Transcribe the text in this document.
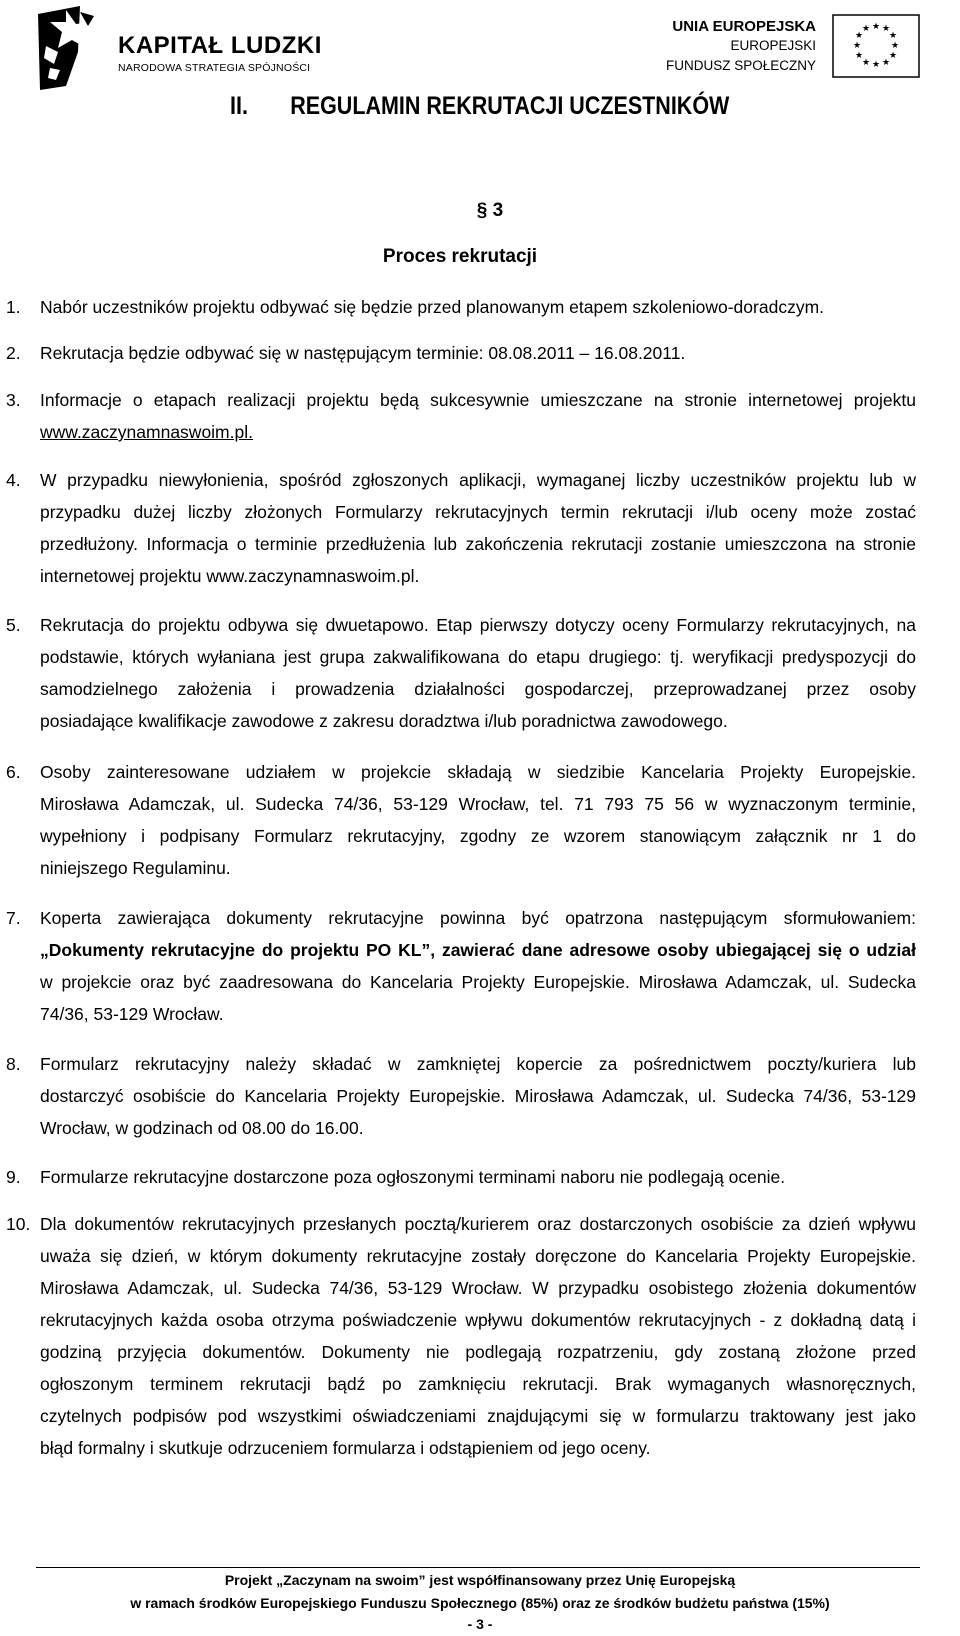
KAPITAŁ LUDZKI
NARODOWA STRATEGIA SPÓJNOŚCI
UNIA EUROPEJSKA
EUROPEJSKI
FUNDUSZ SPOŁECZNY
★ ★
★
★
★
★
★
★
★
★
★
★
II. REGULAMIN REKRUTACJI UCZESTNIKÓW
§ 3
Proces rekrutacji
1. Nabór uczestników projektu odbywać się będzie przed planowanym etapem szkoleniowo-doradczym.
2. Rekrutacja będzie odbywać się w następującym terminie: 08.08.2011 – 16.08.2011.
3. Informacje o etapach realizacji projektu będą sukcesywnie umieszczane na stronie internetowej projektu
www.zaczynamnaswoim.pl.
4. W przypadku niewyłonienia, spośród zgłoszonych aplikacji, wymaganej liczby uczestników projektu lub w
przypadku dużej liczby złożonych Formularzy rekrutacyjnych termin rekrutacji i/lub oceny może zostać
przedłużony. Informacja o terminie przedłużenia lub zakończenia rekrutacji zostanie umieszczona na stronie
internetowej projektu www.zaczynamnaswoim.pl.
5. Rekrutacja do projektu odbywa się dwuetapowo. Etap pierwszy dotyczy oceny Formularzy rekrutacyjnych, na
podstawie, których wyłaniana jest grupa zakwalifikowana do etapu drugiego: tj. weryfikacji predyspozycji do
samodzielnego założenia i prowadzenia działalności gospodarczej, przeprowadzanej przez osoby
posiadające kwalifikacje zawodowe z zakresu doradztwa i/lub poradnictwa zawodowego.
6. Osoby zainteresowane udziałem w projekcie składają w siedzibie Kancelaria Projekty Europejskie.
Mirosława Adamczak, ul. Sudecka 74/36, 53-129 Wrocław, tel. 71 793 75 56 w wyznaczonym terminie,
wypełniony i podpisany Formularz rekrutacyjny, zgodny ze wzorem stanowiącym załącznik nr 1 do
niniejszego Regulaminu.
7. Koperta zawierająca dokumenty rekrutacyjne powinna być opatrzona następującym sformułowaniem:
„Dokumenty rekrutacyjne do projektu PO KL”, zawierać dane adresowe osoby ubiegającej się o udział
w projekcie oraz być zaadresowana do Kancelaria Projekty Europejskie. Mirosława Adamczak, ul. Sudecka
74/36, 53-129 Wrocław.
8. Formularz rekrutacyjny należy składać w zamkniętej kopercie za pośrednictwem poczty/kuriera lub
dostarczyć osobiście do Kancelaria Projekty Europejskie. Mirosława Adamczak, ul. Sudecka 74/36, 53-129
Wrocław, w godzinach od 08.00 do 16.00.
9. Formularze rekrutacyjne dostarczone poza ogłoszonymi terminami naboru nie podlegają ocenie.
10. Dla dokumentów rekrutacyjnych przesłanych pocztą/kurierem oraz dostarczonych osobiście za dzień wpływu
uważa się dzień, w którym dokumenty rekrutacyjne zostały doręczone do Kancelaria Projekty Europejskie.
Mirosława Adamczak, ul. Sudecka 74/36, 53-129 Wrocław. W przypadku osobistego złożenia dokumentów
rekrutacyjnych każda osoba otrzyma poświadczenie wpływu dokumentów rekrutacyjnych - z dokładną datą i
godziną przyjęcia dokumentów. Dokumenty nie podlegają rozpatrzeniu, gdy zostaną złożone przed
ogłoszonym terminem rekrutacji bądź po zamknięciu rekrutacji. Brak wymaganych własnoręcznych,
czytelnych podpisów pod wszystkimi oświadczeniami znajdującymi się w formularzu traktowany jest jako
błąd formalny i skutkuje odrzuceniem formularza i odstąpieniem od jego oceny.
Projekt „Zaczynam na swoim” jest współfinansowany przez Unię Europejską
w ramach środków Europejskiego Funduszu Społecznego (85%) oraz ze środków budżetu państwa (15%)
- 3 -
